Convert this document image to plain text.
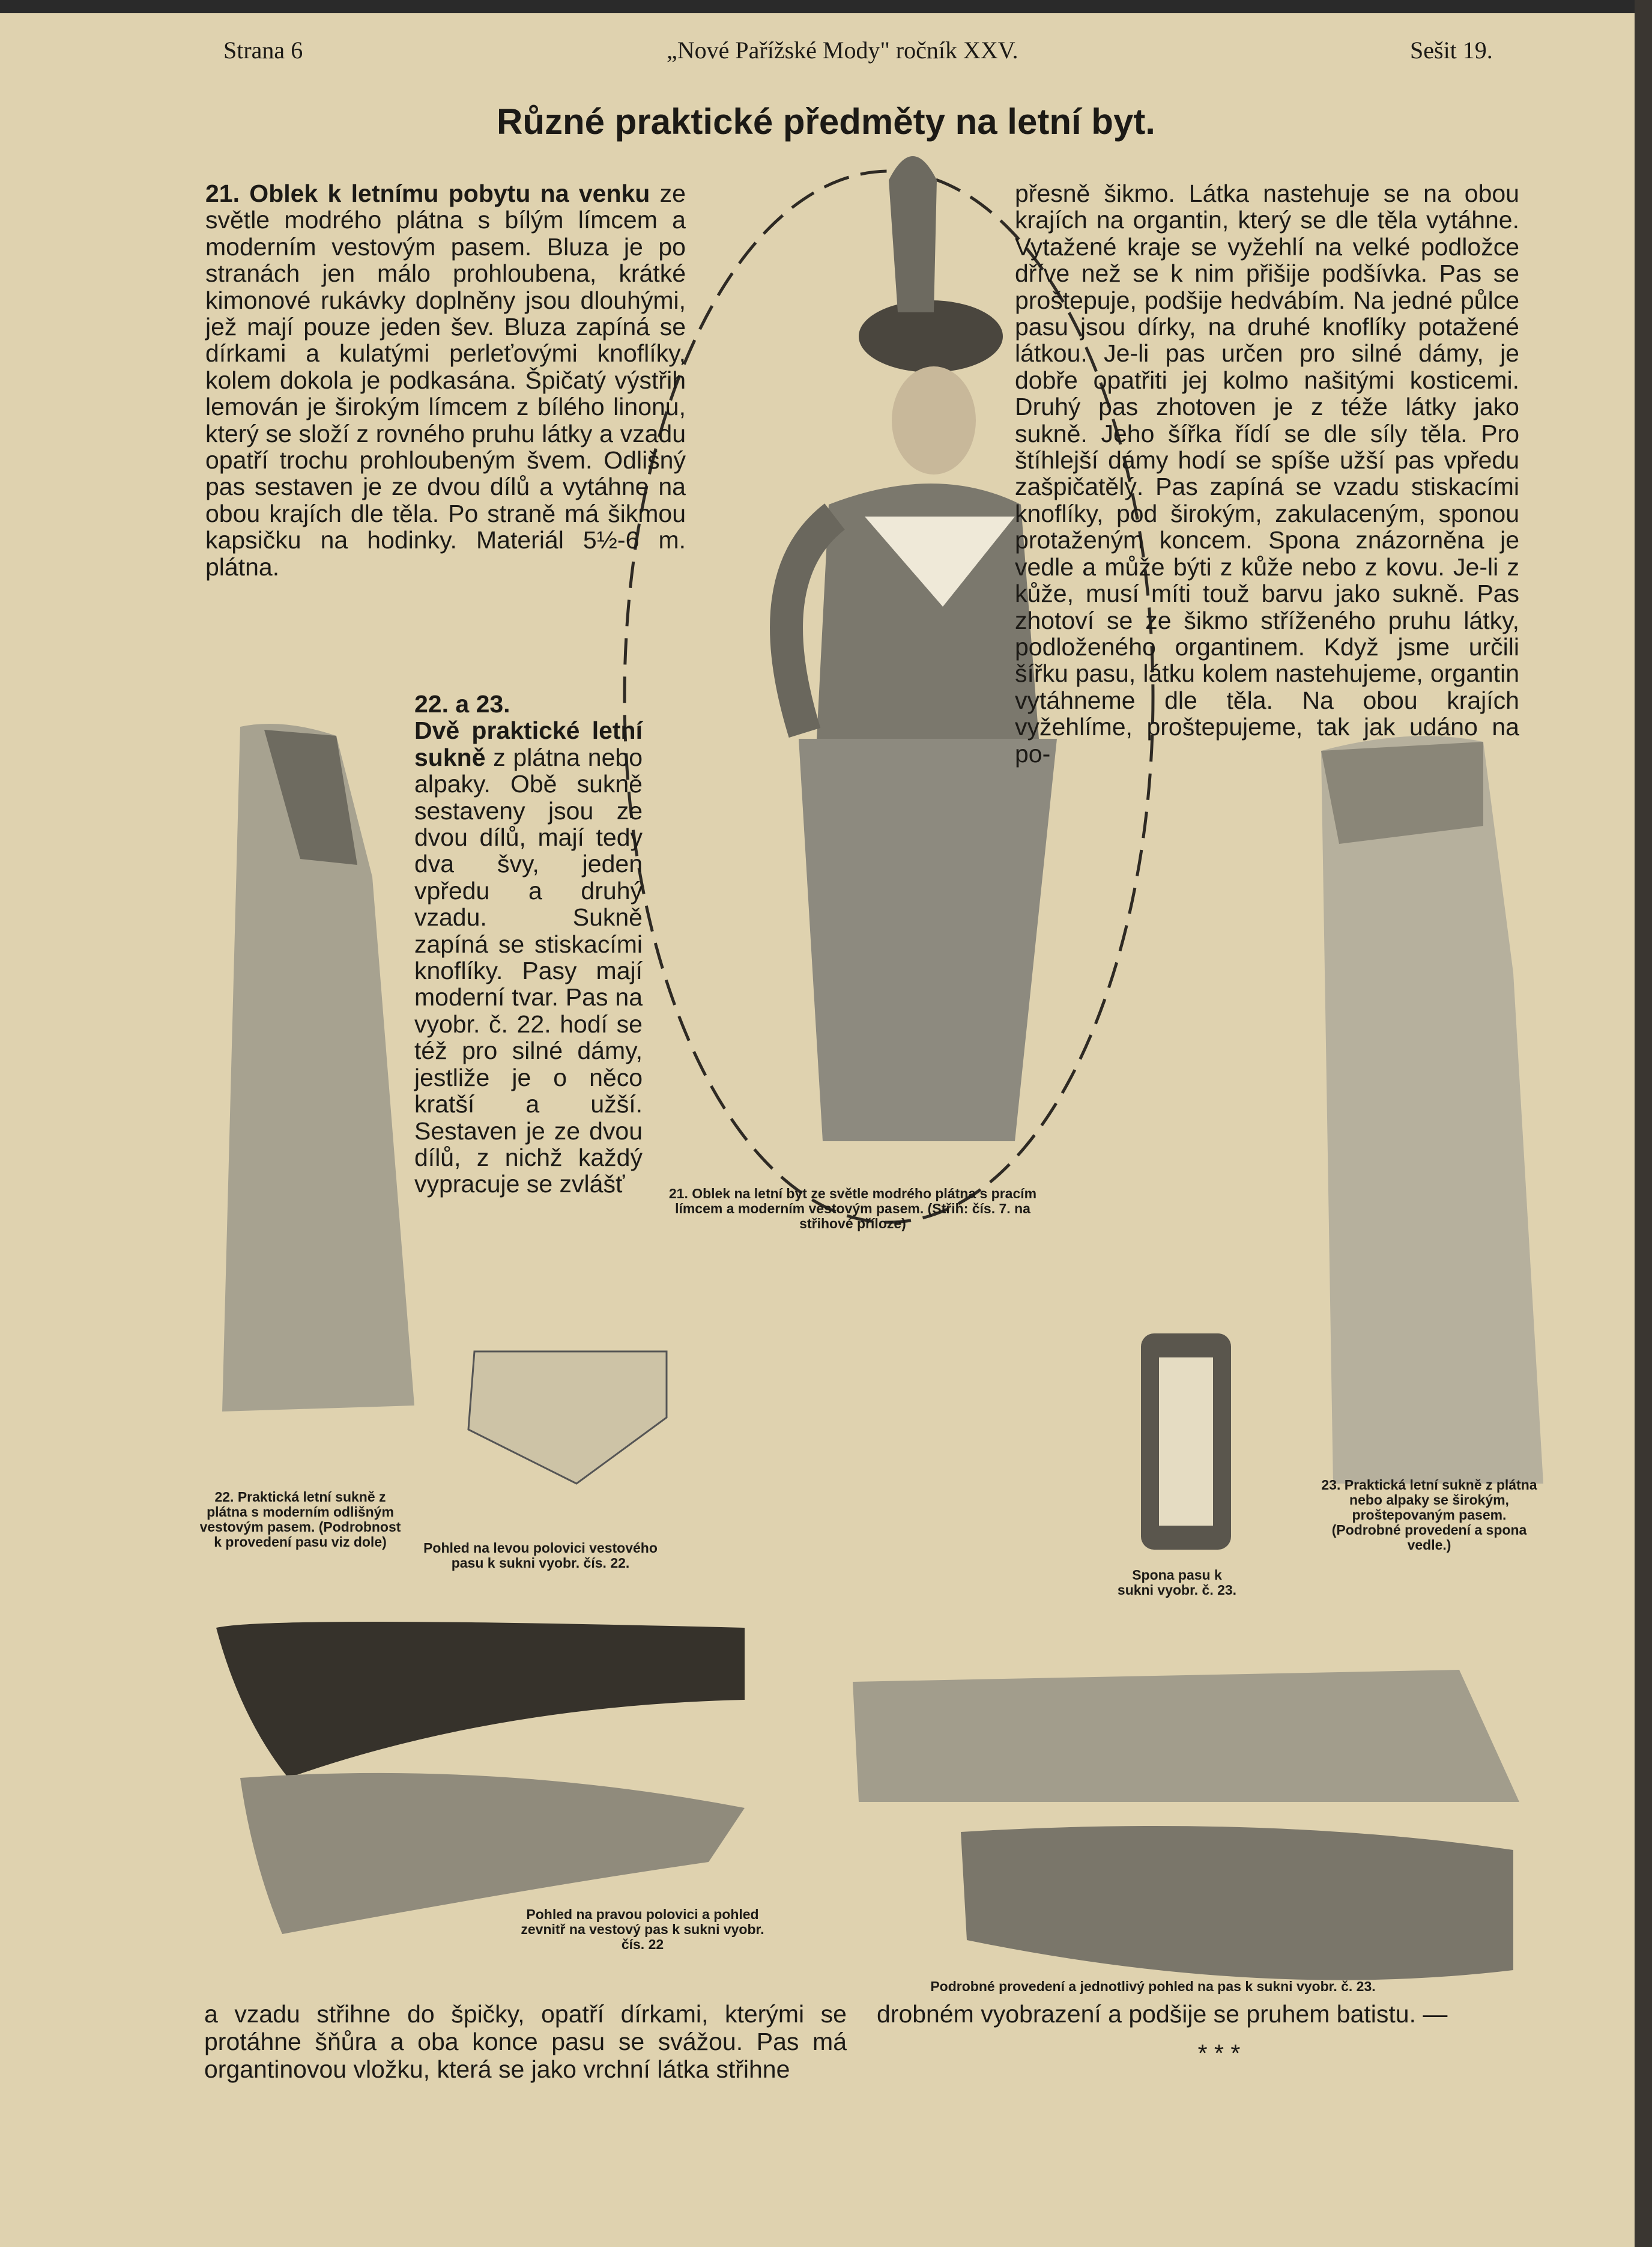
Strana 6	„Nové Pařížské Mody" ročník XXV.	Sešit 19.
Různé praktické předměty na letní byt.
21. Oblek k letnímu pobytu na venku ze světle modrého plátna s bílým límcem a moderním vestovým pasem. Bluza je po stranách jen málo prohloubena, krátké kimonové rukávky doplněny jsou dlouhými, jež mají pouze jeden šev. Bluza zapíná se dírkami a kulatými perleťovými knoflíky, kolem dokola je podkasána. Špičatý výstřih lemován je širokým límcem z bílého linonu, který se složí z rovného pruhu látky a vzadu opatří trochu prohloubeným švem. Odlišný pas sestaven je ze dvou dílů a vytáhne na obou krajích dle těla. Po straně má šikmou kapsičku na hodinky. Materiál 5½-6 m. plátna.
22. a 23.
Dvě praktické letní sukně z plátna nebo alpaky. Obě sukně sestaveny jsou ze dvou dílů, mají tedy dva švy, jeden vpředu a druhý vzadu. Sukně zapíná se stiskacími knoflíky. Pasy mají moderní tvar. Pas na vyobr. č. 22. hodí se též pro silné dámy, jestliže je o něco kratší a užší. Sestaven je ze dvou dílů, z nichž každý vypracuje se zvlášť
přesně šikmo. Látka nastehuje se na obou krajích na organtin, který se dle těla vytáhne. Vytažené kraje se vyžehlí na velké podložce dříve než se k nim přišije podšívka. Pas se proštepuje, podšije hedvábím. Na jedné půlce pasu jsou dírky, na druhé knoflíky potažené látkou. Je-li pas určen pro silné dámy, je dobře opatřiti jej kolmo našitými kosticemi. Druhý pas zhotoven je z téže látky jako sukně. Jeho šířka řídí se dle síly těla. Pro štíhlejší dámy hodí se spíše užší pas vpředu zašpičatělý. Pas zapíná se vzadu stiskacími knoflíky, pod širokým, zakulaceným, sponou protaženým koncem. Spona znázorněna je vedle a může býti z kůže nebo z kovu. Je-li z kůže, musí míti touž barvu jako sukně. Pas zhotoví se ze šikmo stříženého pruhu látky, podloženého organtinem. Když jsme určili šířku pasu, látku kolem nastehujeme, organtin vytáhneme dle těla. Na obou krajích vyžehlíme, proštepujeme, tak jak udáno na po-
21. Oblek na letní byt ze světle modrého plátna s pracím límcem a moderním vestovým pasem. (Střih: čís. 7. na střihové příloze)
22. Praktická letní sukně z plátna s moderním odlišným vestovým pasem. (Podrobnost k provedení pasu viz dole)	Pohled na levou polovici vestového pasu k sukni vyobr. čís. 22.
Spona pasu k sukni vyobr. č. 23.
23. Praktická letní sukně z plátna nebo alpaky se širokým, proštepovaným pasem. (Podrobné provedení a spona vedle.)
Pohled na pravou polovici a pohled zevnitř na vestový pas k sukni vyobr. čís. 22
Podrobné provedení a jednotlivý pohled na pas k sukni vyobr. č. 23.
a vzadu střihne do špičky, opatří dírkami, kterými se protáhne šňůra a oba konce pasu se svážou. Pas má organtinovou vložku, která se jako vrchní látka střihne
drobném vyobrazení a podšije se pruhem batistu. —
* * *
